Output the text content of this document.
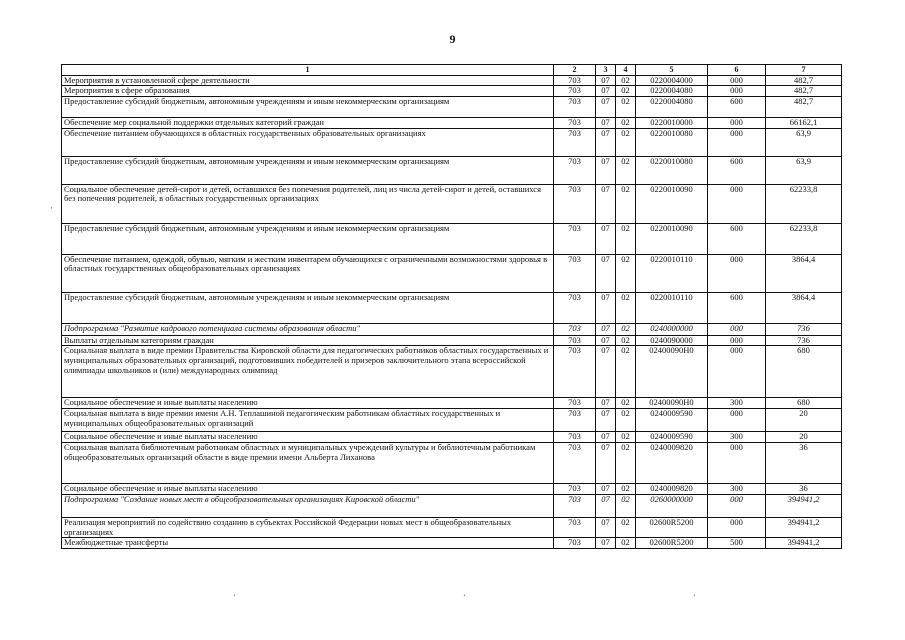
9
·
1	2	3	4	5	6	7
Мероприятия в установленной сфере деятельности	703	07	02	0220004000	000	482,7
Мероприятия в сфере образования	703	07	02	0220004080	000	482,7
Предоставление субсидий бюджетным, автономным учреждениям и иным некоммерческим организациям	703	07	02	0220004080	600	482,7
Обеспечение мер социальной поддержки отдельных категорий граждан	703	07	02	0220010000	000	66162,1
Обеспечение питанием обучающихся в областных государственных образовательных организациях	703	07	02	0220010080	000	63,9
Предоставление субсидий бюджетным, автономным учреждениям и иным некоммерческим организациям	703	07	02	0220010080	600	63,9
Социальное обеспечение детей-сирот и детей, оставшихся без попечения родителей, лиц из числа детей-сирот и детей, оставшихся без попечения родителей, в областных государственных организациях	703	07	02	0220010090	000	62233,8
Предоставление субсидий бюджетным, автономным учреждениям и иным некоммерческим организациям	703	07	02	0220010090	600	62233,8
Обеспечение питанием, одеждой, обувью, мягким и жестким инвентарем обучающихся с ограниченными возможностями здоровья в областных государственных общеобразовательных организациях	703	07	02	0220010110	000	3864,4
Предоставление субсидий бюджетным, автономным учреждениям и иным некоммерческим организациям	703	07	02	0220010110	600	3864,4
Подпрограмма "Развитие кадрового потенциала системы образования области"	703	07	02	0240000000	000	736
Выплаты отдельным категориям граждан	703	07	02	0240090000	000	736
Социальная выплата в виде премии Правительства Кировской области для педагогических работников областных государственных и муниципальных образовательных организаций, подготовивших победителей и призеров заключительного этапа всероссийской олимпиады школьников и (или) международных олимпиад	703	07	02	02400090Н0	000	680
Социальное обеспечение и иные выплаты населению	703	07	02	02400090Н0	300	680
Социальная выплата в виде премии имени А.Н. Теплашиной педагогическим работникам областных государственных и муниципальных общеобразовательных организаций	703	07	02	0240009590	000	20
Социальное обеспечение и иные выплаты населению	703	07	02	0240009590	300	20
Социальная выплата библиотечным работникам областных и муниципальных учреждений культуры и библиотечным работникам общеобразовательных организаций области в виде премии имени Альберта Лиханова	703	07	02	0240009820	000	36
Социальное обеспечение и иные выплаты населению	703	07	02	0240009820	300	36
Подпрограмма "Создание новых мест в общеобразовательных организациях Кировской области"	703	07	02	0260000000	000	394941,2
Реализация мероприятий по содействию созданию в субъектах Российской Федерации новых мест в общеобразовательных организациях	703	07	02	02600R5200	000	394941,2
Межбюджетные трансферты	703	07	02	02600R5200	500	394941,2
’	’	’
